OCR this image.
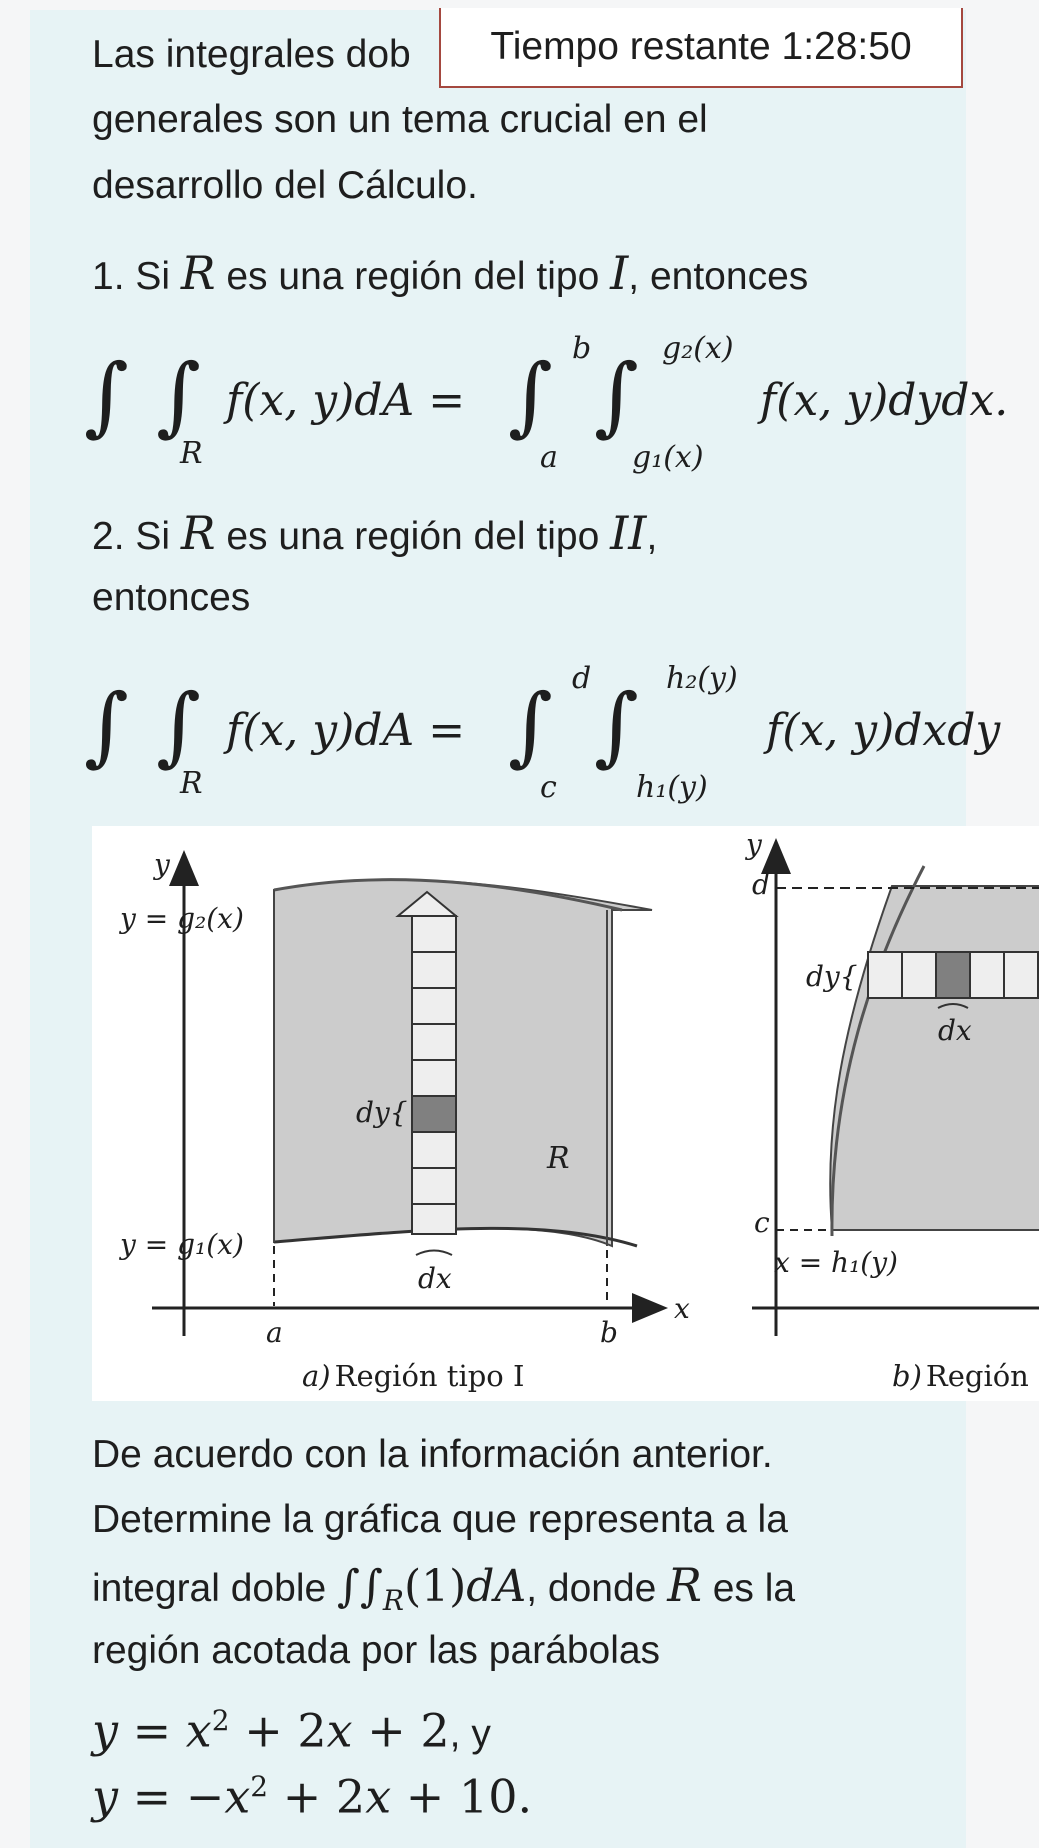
Las integrales dob
generales son un tema crucial en el
desarrollo del Cálculo.
Tiempo restante 1:28:50
1. Si R es una región del tipo I, entonces
∫ ∫
R
f(x, y)dA = ∫ b
a
∫ g₂(x)
g₁(x)
f(x, y)dydx.
2. Si R es una región del tipo II,
entonces
∫ ∫
R
f(x, y)dA = ∫ d
c
∫ h₂(y)
h₁(y)
f(x, y)dxdy
y
x
y = g₂(x)
y = g₁(x)
a	b
dy{
dx
R
a) Región tipo I
y
d
c
dy{
dx
x = h₁(y)
b) Región
De acuerdo con la información anterior.
Determine la gráfica que representa a la
integral doble $\int\int_R(1)dA$, donde R es la
región acotada por las parábolas
$y = x^2 + 2x + 2$, y
$y = -x^2 + 2x + 10$.
